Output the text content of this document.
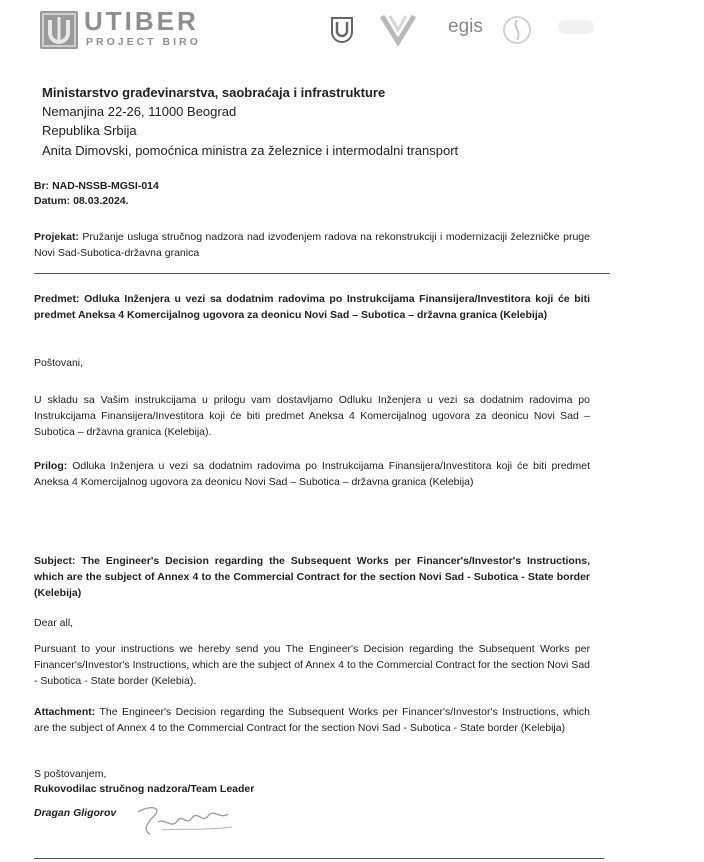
UTIBER
PROJECT BIRO
egis
Ministarstvo građevinarstva, saobraćaja i infrastrukture
Nemanjina 22-26, 11000 Beograd
Republika Srbija
Anita Dimovski, pomoćnica ministra za železnice i intermodalni transport
Br: NAD-NSSB-MGSI-014
Datum: 08.03.2024.
Projekat: Pružanje usluga stručnog nadzora nad izvođenjem radova na rekonstrukciji i modernizaciji železničke pruge Novi Sad-Subotica-državna granica
Predmet: Odluka Inženjera u vezi sa dodatnim radovima po Instrukcijama Finansijera/Investitora koji će biti predmet Aneksa 4 Komercijalnog ugovora za deonicu Novi Sad – Subotica – državna granica (Kelebija)
Poštovani,
U skladu sa Vašim instrukcijama u prilogu vam dostavljamo Odluku Inženjera u vezi sa dodatnim radovima po Instrukcijama Finansijera/Investitora koji će biti predmet Aneksa 4 Komercijalnog ugovora za deonicu Novi Sad – Subotica – državna granica (Kelebija).
Prilog: Odluka Inženjera u vezi sa dodatnim radovima po Instrukcijama Finansijera/Investitora koji će biti predmet Aneksa 4 Komercijalnog ugovora za deonicu Novi Sad – Subotica – državna granica (Kelebija)
Subject: The Engineer's Decision regarding the Subsequent Works per Financer's/Investor's Instructions, which are the subject of Annex 4 to the Commercial Contract for the section Novi Sad - Subotica - State border (Kelebija)
Dear all,
Pursuant to your instructions we hereby send you The Engineer's Decision regarding the Subsequent Works per Financer's/Investor's Instructions, which are the subject of Annex 4 to the Commercial Contract for the section Novi Sad - Subotica - State border (Kelebia).
Attachment: The Engineer's Decision regarding the Subsequent Works per Financer's/Investor's Instructions, which are the subject of Annex 4 to the Commercial Contract for the section Novi Sad - Subotica - State border (Kelebija)
S poštovanjem,
Rukovodilac stručnog nadzora/Team Leader
Dragan Gligorov
